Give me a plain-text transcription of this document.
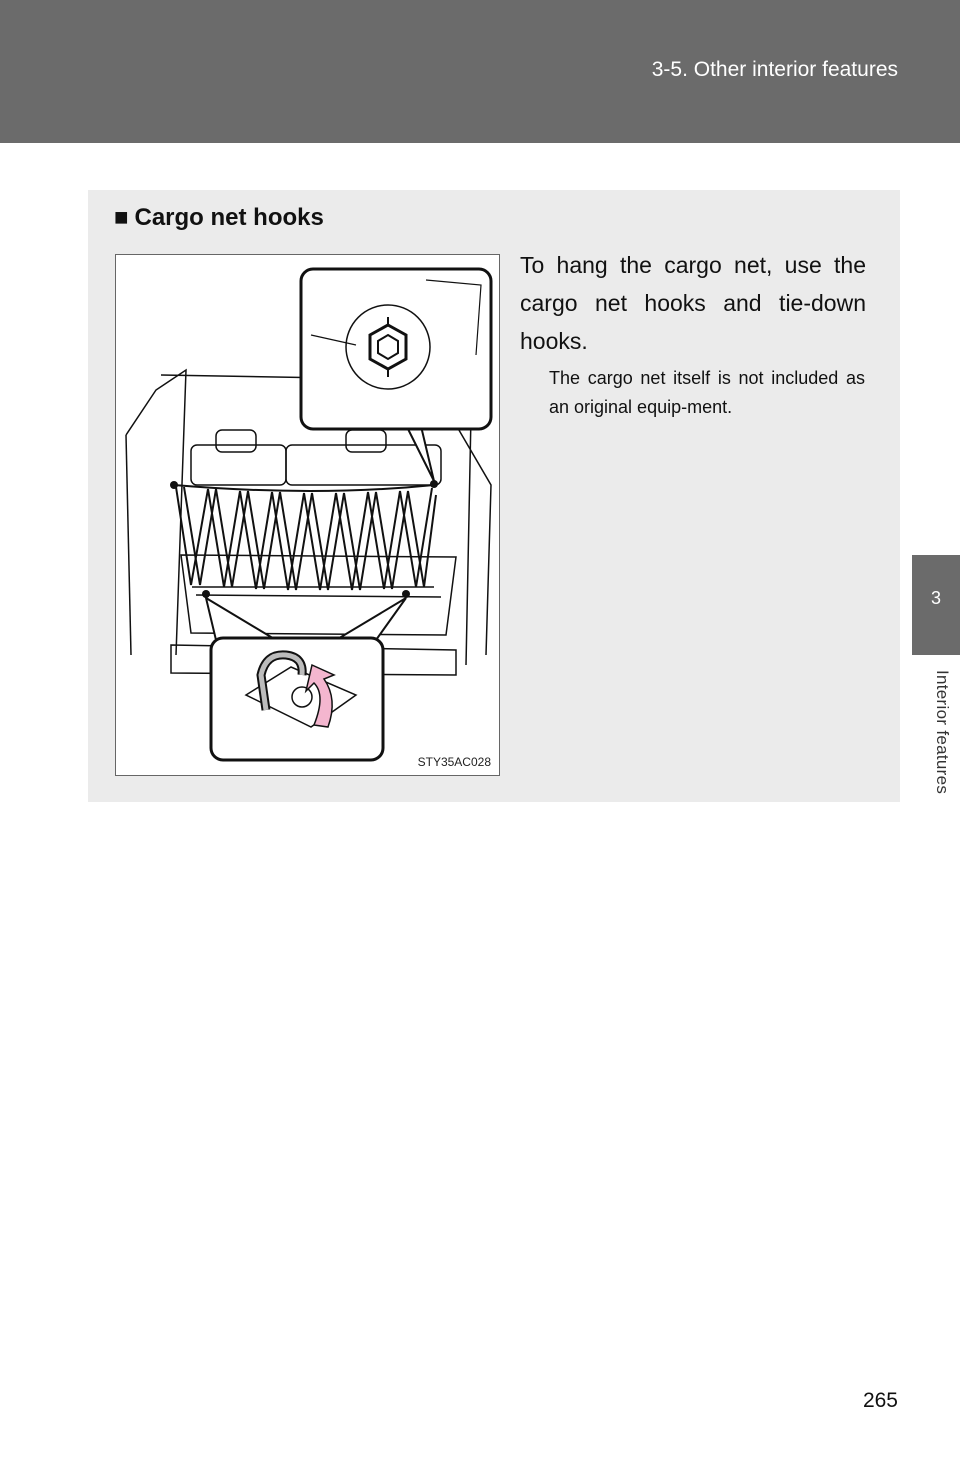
3-5. Other interior features
3
Interior features
■ Cargo net hooks
STY35AC028
To hang the cargo net, use the cargo net hooks and tie-down hooks.
The cargo net itself is not included as an original equip-ment.
265
